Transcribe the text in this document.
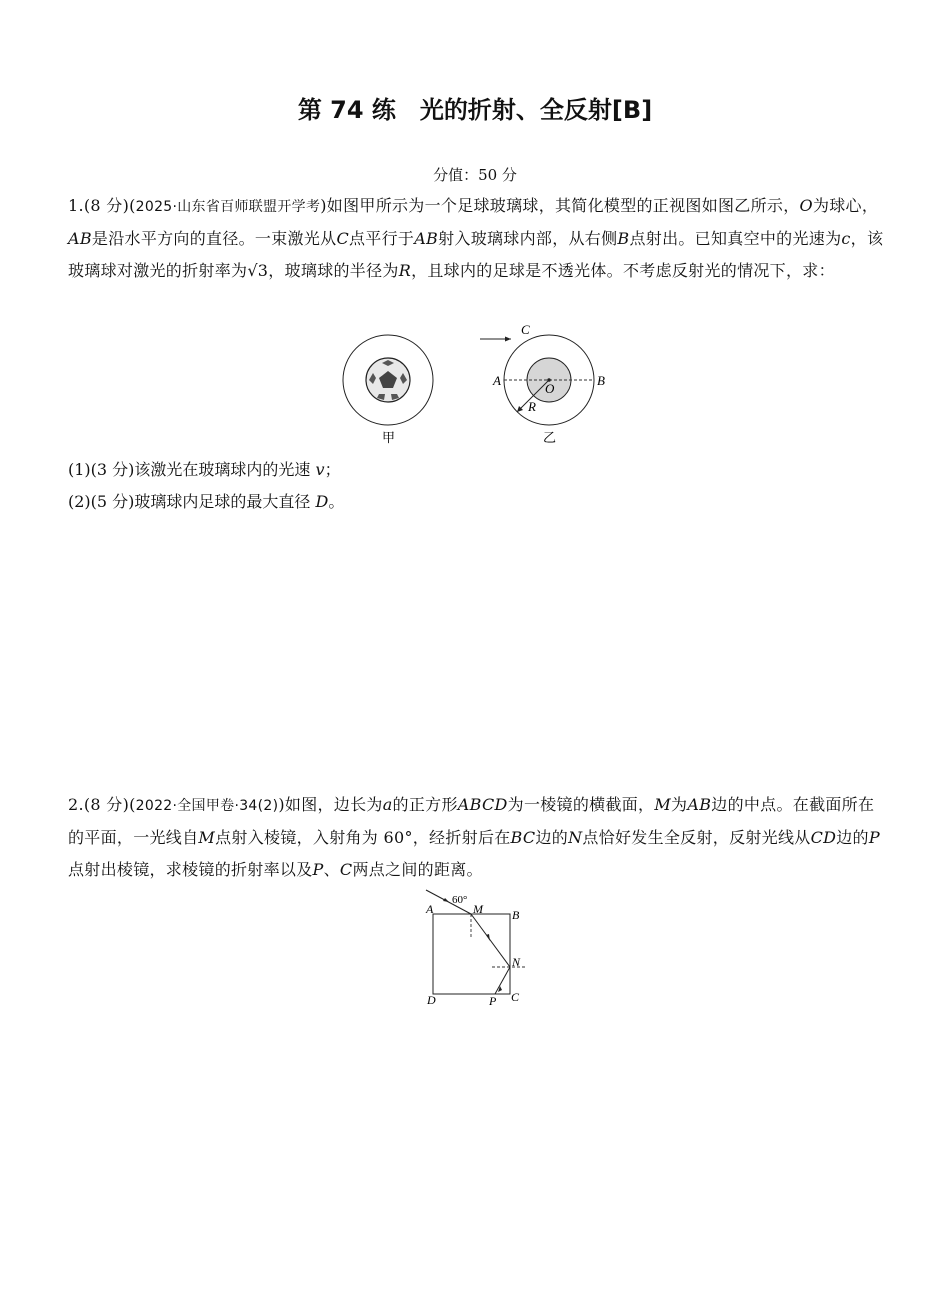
第 74 练　光的折射、全反射[B]
分值：50 分
1.(8 分)(2025·山东省百师联盟开学考)如图甲所示为一个足球玻璃球，其简化模型的正视图如图乙所示，O为球心，AB是沿水平方向的直径。一束激光从C点平行于AB射入玻璃球内部，从右侧B点射出。已知真空中的光速为c，该玻璃球对激光的折射率为√3，玻璃球的半径为R，且球内的足球是不透光体。不考虑反射光的情况下，求：
甲
C
A	B
O
R
乙
(1)(3 分)该激光在玻璃球内的光速 v；
(2)(5 分)玻璃球内足球的最大直径 D。
2.(8 分)(2022·全国甲卷·34(2))如图，边长为a的正方形ABCD为一棱镜的横截面，M为AB边的中点。在截面所在的平面，一光线自M点射入棱镜，入射角为 60°，经折射后在BC边的N点恰好发生全反射，反射光线从CD边的P点射出棱镜，求棱镜的折射率以及P、C两点之间的距离。
60°
A	M B
N
D	P C
